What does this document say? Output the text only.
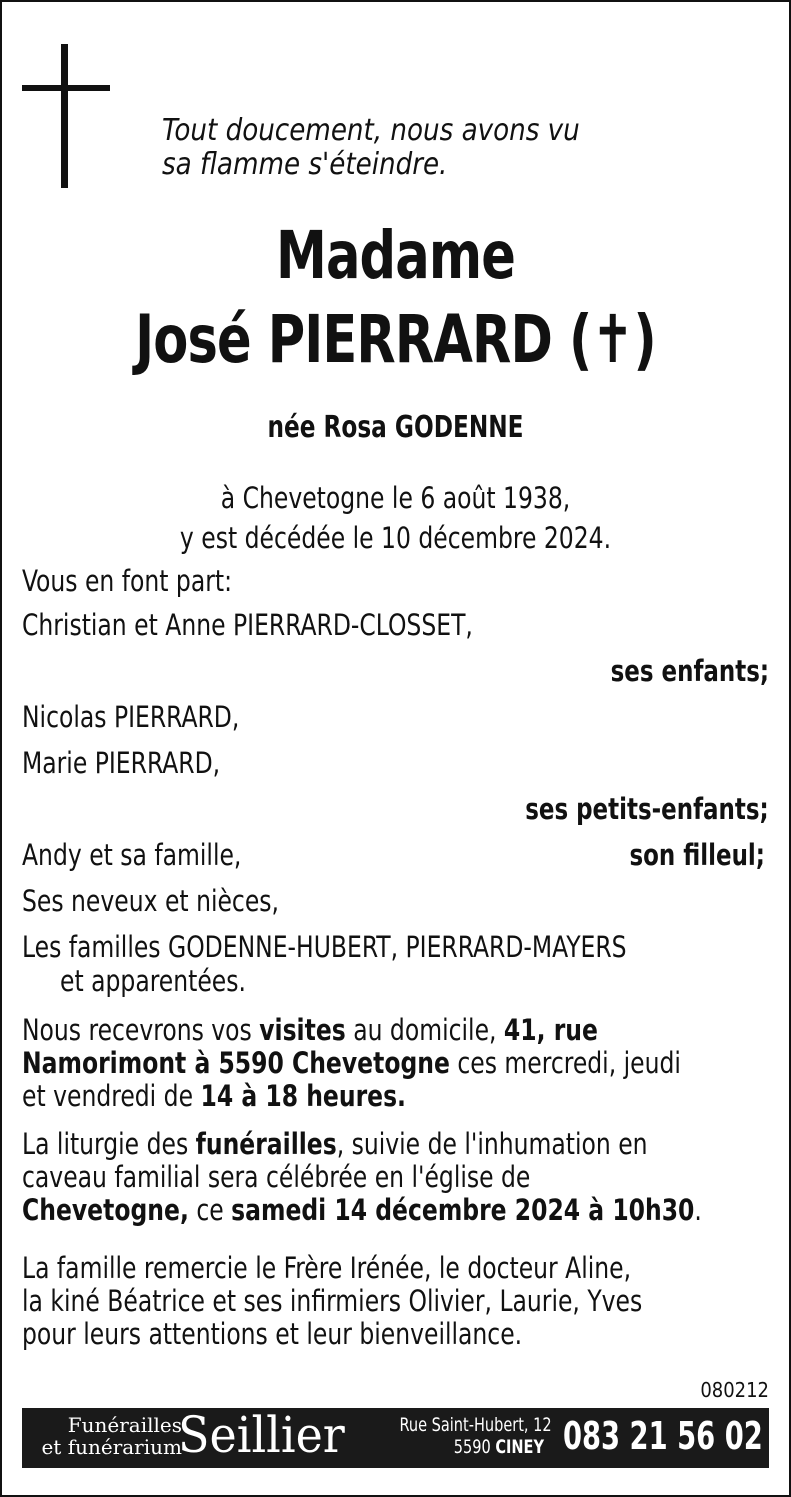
Tout doucement, nous avons vu
sa flamme s'éteindre.
Madame
José PIERRARD (✝)
née Rosa GODENNE
à Chevetogne le 6 août 1938,
y est décédée le 10 décembre 2024.
Vous en font part:
Christian et Anne PIERRARD-CLOSSET,
ses enfants;
Nicolas PIERRARD,
Marie PIERRARD,
ses petits-enfants;
Andy et sa famille,	son filleul;
Ses neveux et nièces,
Les familles GODENNE-HUBERT, PIERRARD-MAYERS
et apparentées.
Nous recevrons vos visites au domicile, 41, rue
Namorimont à 5590 Chevetogne ces mercredi, jeudi
et vendredi de 14 à 18 heures.
La liturgie des funérailles, suivie de l'inhumation en
caveau familial sera célébrée en l'église de
Chevetogne, ce samedi 14 décembre 2024 à 10h30.
La famille remercie le Frère Irénée, le docteur Aline,
la kiné Béatrice et ses infirmiers Olivier, Laurie, Yves
pour leurs attentions et leur bienveillance.
080212
Funérailles
et funérarium
Seillier	Rue Saint-Hubert, 12
5590 CINEY 083 21 56 02
